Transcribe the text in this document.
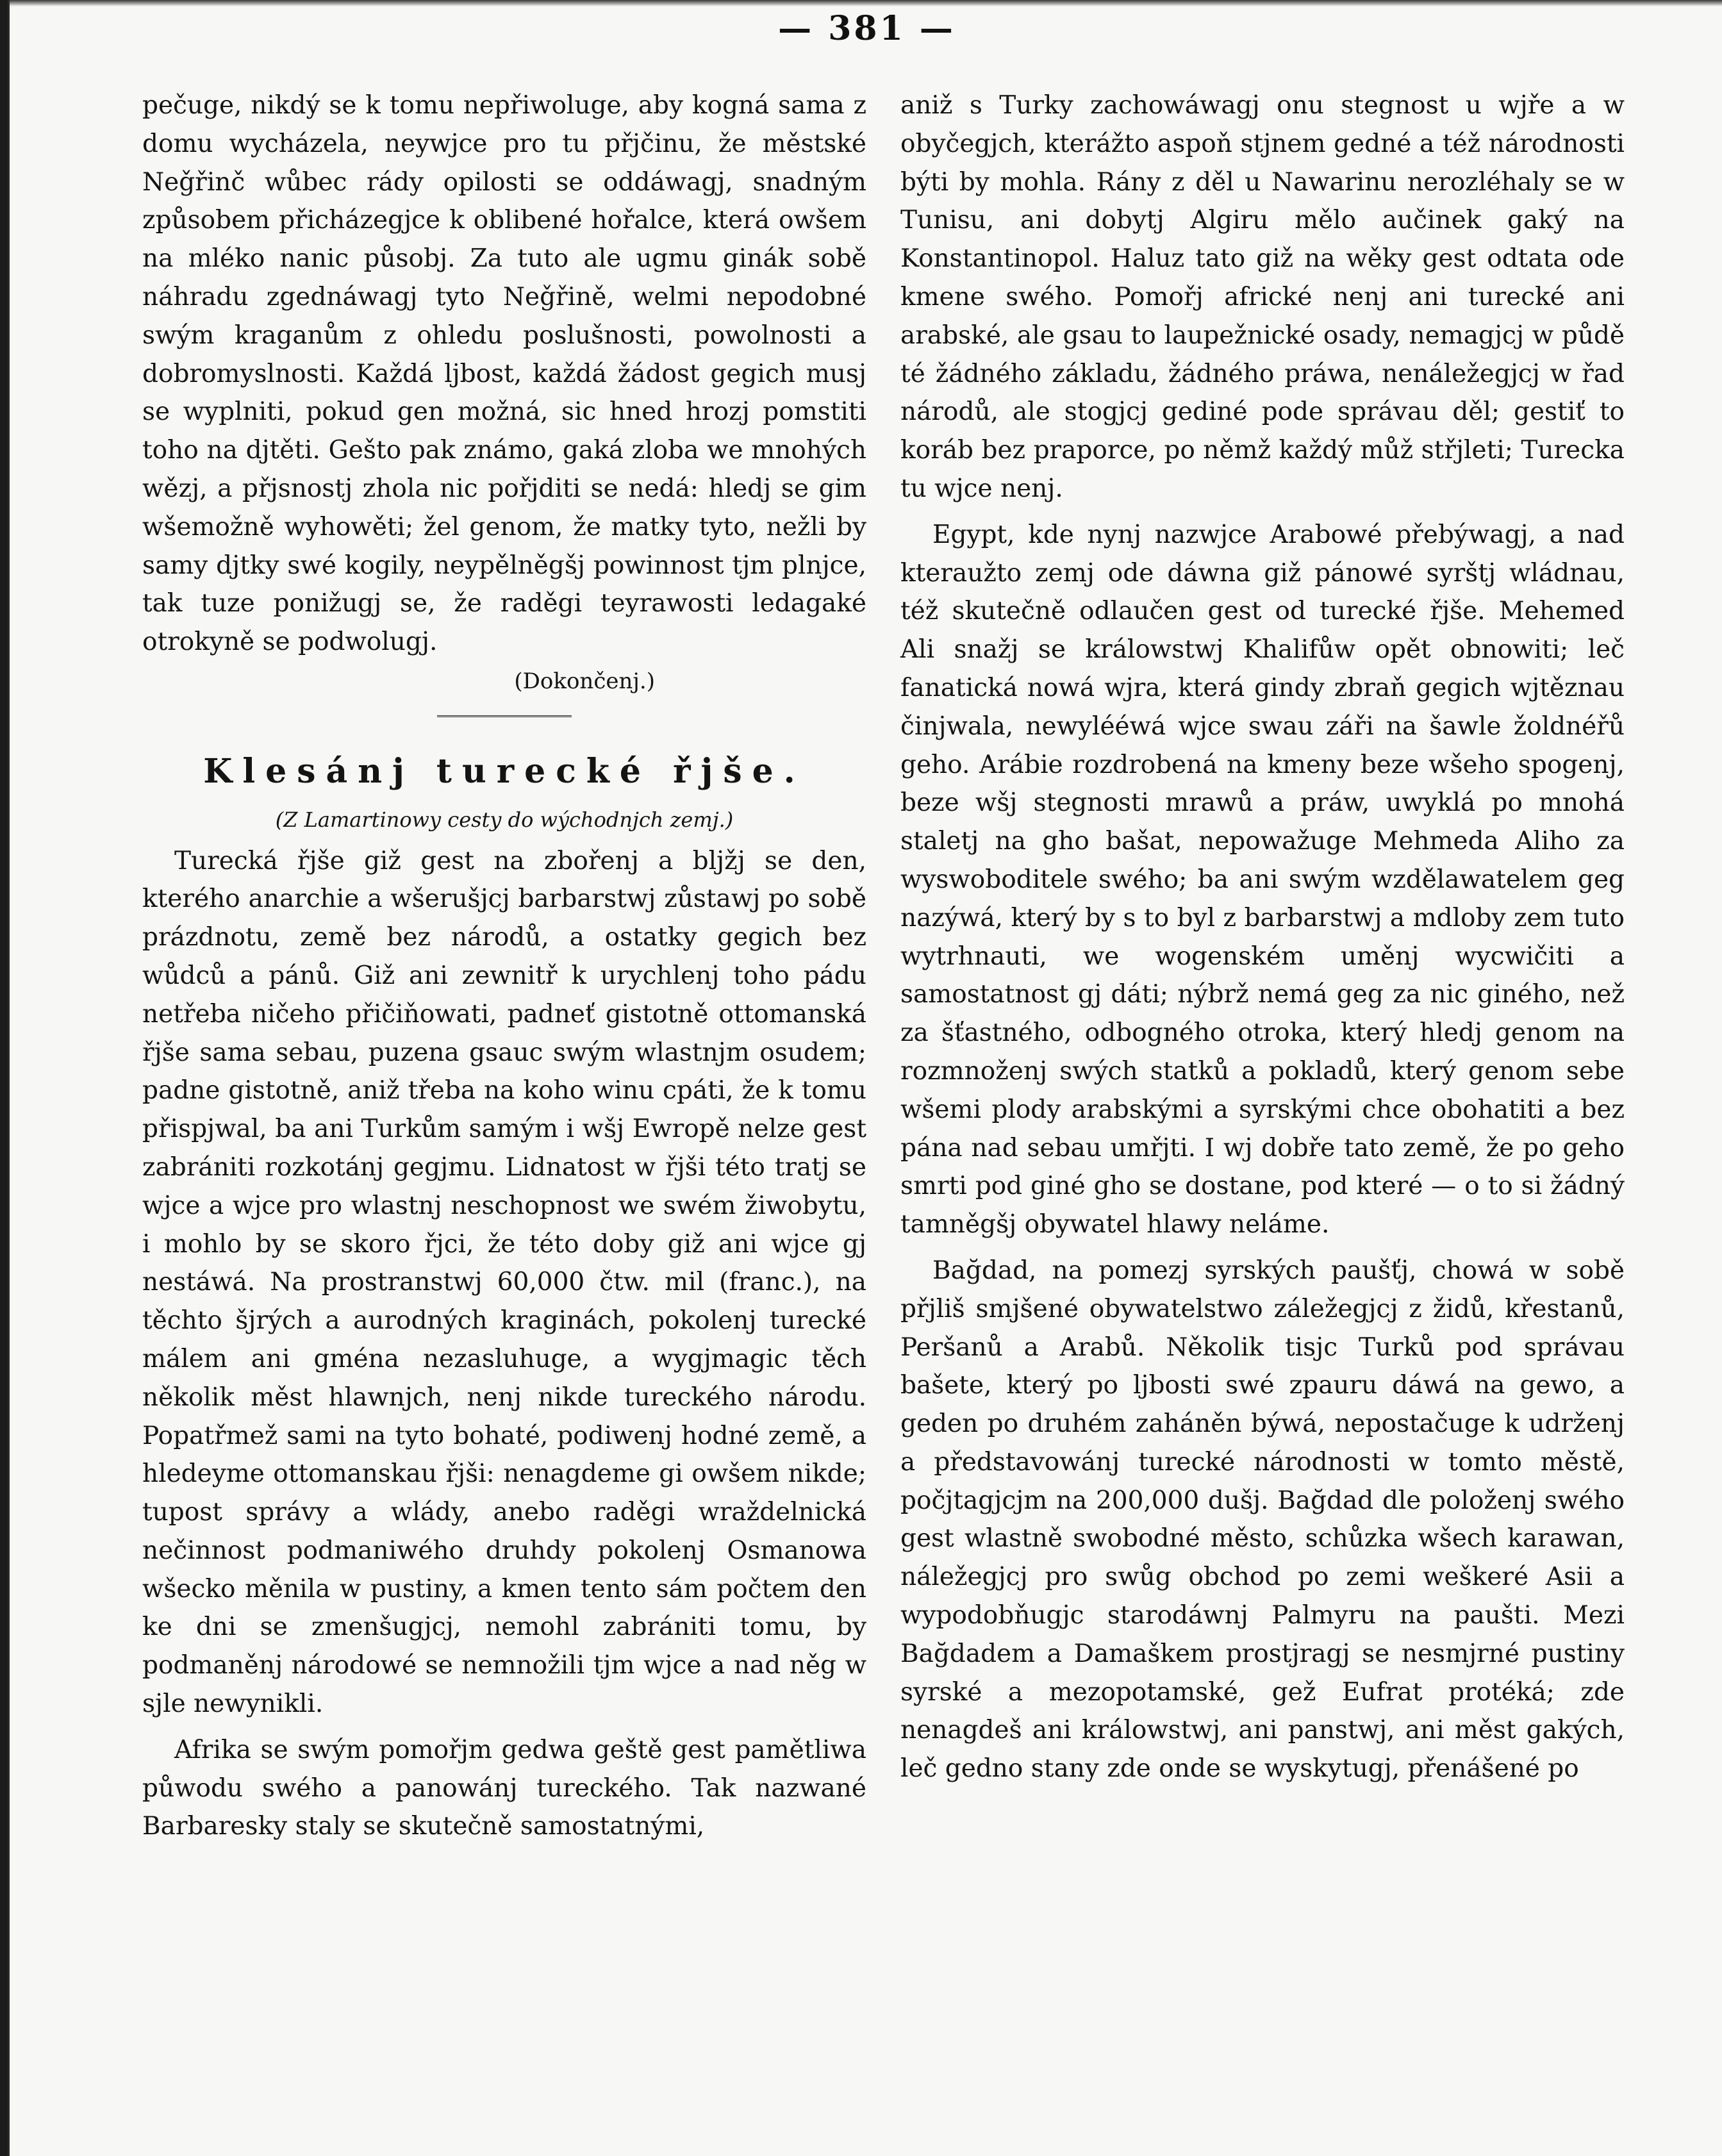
— 381 —

pečuge, nikdý se k tomu nepřiwoluge, aby kogná sama z domu wycházela, neywjce pro tu přjčinu, že městské Neǧřinč wůbec rády opilosti se oddáwagj, snadným způsobem přicházegjce k oblibené hořalce, která owšem na mléko nanic působj. Za tuto ale ugmu ginák sobě náhradu zgednáwagj tyto Neǧřině, welmi nepodobné swým kraganům z ohledu poslušnosti, powolnosti a dobromyslnosti. Každá ljbost, každá žádost gegich musj se wyplniti, pokud gen možná, sic hned hrozj pomstiti toho na djtěti. Gešto pak známo, gaká zloba we mnohých wězj, a přjsnostj zhola nic pořjditi se nedá: hledj se gim wšemožně wyhowěti; žel genom, že matky tyto, nežli by samy djtky swé kogily, neypělněgšj powinnost tjm plnjce, tak tuze ponižugj se, že raděgi teyrawosti ledagaké otrokyně se podwolugj.

(Dokončenj.)

Klesánj turecké řjše.

(Z Lamartinowy cesty do wýchodnjch zemj.)

Turecká řjše giž gest na zbořenj a bljžj se den, kterého anarchie a wšerušjcj barbarstwj zůstawj po sobě prázdnotu, země bez národů, a ostatky gegich bez wůdců a pánů. Giž ani zewnitř k urychlenj toho pádu netřeba ničeho přičiňowati, padneť gistotně ottomanská řjše sama sebau, puzena gsauc swým wlastnjm osudem; padne gistotně, aniž třeba na koho winu cpáti, že k tomu přispjwal, ba ani Turkům samým i wšj Ewropě nelze gest zabrániti rozkotánj gegjmu. Lidnatost w řjši této tratj se wjce a wjce pro wlastnj neschopnost we swém žiwobytu, i mohlo by se skoro řjci, že této doby giž ani wjce gj nestáwá. Na prostranstwj 60,000 čtw. mil (franc.), na těchto šjrých a aurodných kraginách, pokolenj turecké málem ani gména nezasluhuge, a wygjmagic těch několik měst hlawnjch, nenj nikde tureckého národu. Popatřmež sami na tyto bohaté, podiwenj hodné země, a hledeyme ottomanskau řjši: nenagdeme gi owšem nikde; tupost správy a wlády, anebo raděgi wraždelnická nečinnost podmaniwého druhdy pokolenj Osmanowa wšecko měnila w pustiny, a kmen tento sám počtem den ke dni se zmenšugjcj, nemohl zabrániti tomu, by podmaněnj národowé se nemnožili tjm wjce a nad něg w sjle newynikli.

Afrika se swým pomořjm gedwa geště gest pamětliwa půwodu swého a panowánj tureckého. Tak nazwané Barbaresky staly se skutečně samostatnými,

aniž s Turky zachowáwagj onu stegnost u wjře a w obyčegjch, kterážto aspoň stjnem gedné a též národnosti býti by mohla. Rány z děl u Nawarinu nerozléhaly se w Tunisu, ani dobytj Algiru mělo aučinek gaký na Konstantinopol. Haluz tato giž na wěky gest odtata ode kmene swého. Pomořj africké nenj ani turecké ani arabské, ale gsau to laupežnické osady, nemagjcj w půdě té žádného základu, žádného práwa, nenáležegjcj w řad národů, ale stogjcj gediné pode správau děl; gestiť to koráb bez praporce, po němž každý můž střjleti; Turecka tu wjce nenj.

Egypt, kde nynj nazwjce Arabowé přebýwagj, a nad kteraužto zemj ode dáwna giž pánowé syrštj wládnau, též skutečně odlaučen gest od turecké řjše. Mehemed Ali snažj se králowstwj Khalifůw opět obnowiti; leč fanatická nowá wjra, která gindy zbraň gegich wjtěznau činjwala, newylééwá wjce swau záři na šawle žoldnéřů geho. Arábie rozdrobená na kmeny beze wšeho spogenj, beze wšj stegnosti mrawů a práw, uwyklá po mnohá staletj na gho bašat, nepowažuge Mehmeda Aliho za wyswoboditele swého; ba ani swým wzdělawatelem geg nazýwá, který by s to byl z barbarstwj a mdloby zem tuto wytrhnauti, we wogenském uměnj wycwičiti a samostatnost gj dáti; nýbrž nemá geg za nic giného, než za šťastného, odbogného otroka, který hledj genom na rozmnoženj swých statků a pokladů, který genom sebe wšemi plody arabskými a syrskými chce obohatiti a bez pána nad sebau umřjti. I wj dobře tato země, že po geho smrti pod giné gho se dostane, pod které — o to si žádný tamněgšj obywatel hlawy neláme.

Bağdad, na pomezj syrských paušťj, chowá w sobě přjliš smjšené obywatelstwo záležegjcj z židů, křestanů, Peršanů a Arabů. Několik tisjc Turků pod správau bašete, který po ljbosti swé zpauru dáwá na gewo, a geden po druhém zaháněn býwá, nepostačuge k udrženj a představowánj turecké národnosti w tomto městě, počjtagjcjm na 200,000 dušj. Bağdad dle položenj swého gest wlastně swobodné město, schůzka wšech karawan, náležegjcj pro swůg obchod po zemi weškeré Asii a wypodobňugjc starodáwnj Palmyru na paušti. Mezi Bağdadem a Damaškem prostjragj se nesmjrné pustiny syrské a mezopotamské, gež Eufrat protéká; zde nenagdeš ani králowstwj, ani panstwj, ani měst gakých, leč gedno stany zde onde se wyskytugj, přenášené po
